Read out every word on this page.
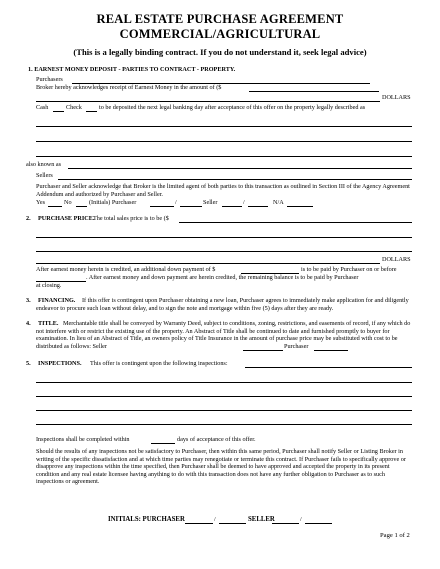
REAL ESTATE PURCHASE AGREEMENT
COMMERCIAL/AGRICULTURAL
(This is a legally binding contract. If you do not understand it, seek legal advice)
1. EARNEST MONEY DEPOSIT - PARTIES TO CONTRACT - PROPERTY.
Purchasers
Broker hereby acknowledges receipt of Earnest Money in the amount of ($
DOLLARS
Cash	Check	to be deposited the next legal banking day after acceptance of this offer on the property legally described as
also known as
Sellers
Purchaser and Seller acknowledge that Broker is the limited agent of both parties to this transaction as outlined in Section III of the Agency Agreement Addendum and authorized by Purchaser and Seller.
Yes	No	(Initials) Purchaser	/	Seller	/	N/A
2. PURCHASE PRICE.
The total sales price is to be ($
DOLLARS
After earnest money herein is credited, an additional down payment of $	is to be paid by Purchaser on or before
. After earnest money and down payment are herein credited, the remaining balance is to be paid by Purchaser
at closing.
3. FINANCING.	If this offer is contingent upon Purchaser obtaining a new loan, Purchaser agrees to immediately make application for and diligently endeavor to procure such loan without delay, and to sign the note and mortgage within five (5) days after they are ready.
4. TITLE. Merchantable title shall be conveyed by Warranty Deed, subject to conditions, zoning, restrictions, and easements of record, if any which do not interfere with or restrict the existing use of the property. An Abstract of Title shall be continued to date and furnished promptly to buyer for examination. In lieu of an Abstract of Title, an owners policy of Title Insurance in the amount of purchase price may be substituted with cost to be distributed as follows: Seller	Purchaser
5. INSPECTIONS. This offer is contingent upon the following inspections:
Inspections shall be completed within	days of acceptance of this offer.
Should the results of any inspections not be satisfactory to Purchaser, then within this same period, Purchaser shall notify Seller or Listing Broker in writing of the specific dissatisfaction and at which time parties may renegotiate or terminate this contract. If Purchaser fails to specifically approve or disapprove any inspections within the time specified, then Purchaser shall be deemed to have approved and accepted the property in its present condition and any real estate licensee having anything to do with this transaction does not have any further obligation to Purchaser as to such inspections or agreement.
INITIALS: PURCHASER	/	SELLER	/
Page 1 of 2
